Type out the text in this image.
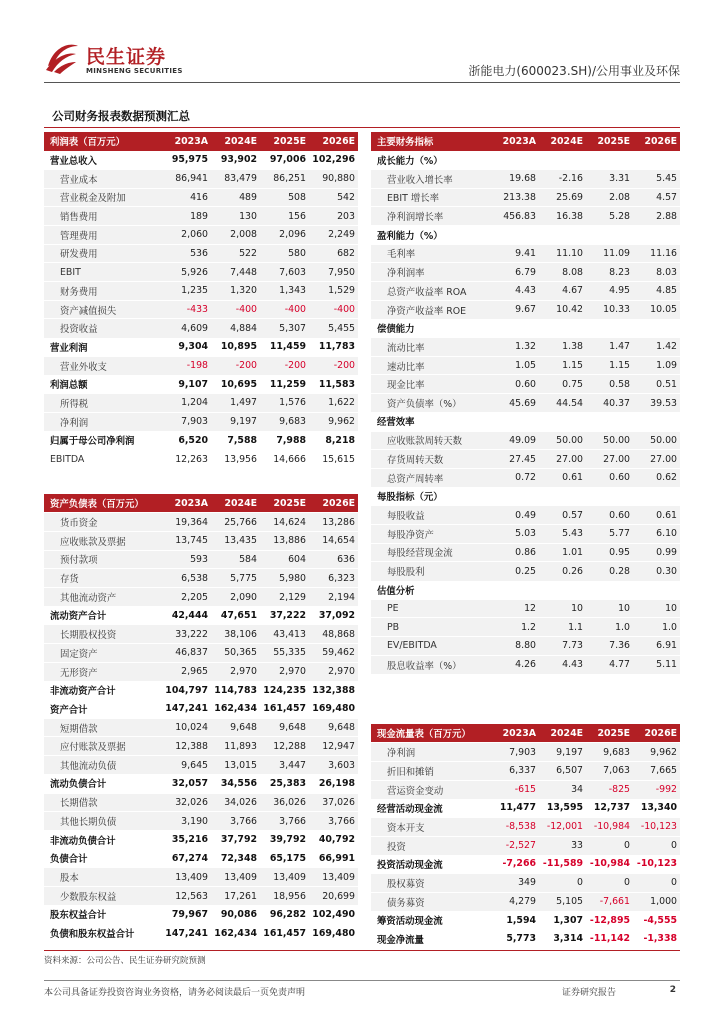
民生证券
MINSHENG SECURITIES	浙能电力(600023.SH)/公用事业及环保
公司财务报表数据预测汇总
利润表（百万元）	2023A	2024E	2025E	2026E
营业总收入	95,975	93,902	97,006	102,296
营业成本	86,941	83,479	86,251	90,880
营业税金及附加	416	489	508	542
销售费用	189	130	156	203
管理费用	2,060	2,008	2,096	2,249
研发费用	536	522	580	682
EBIT	5,926	7,448	7,603	7,950
财务费用	1,235	1,320	1,343	1,529
资产减值损失	-433	-400	-400	-400
投资收益	4,609	4,884	5,307	5,455
营业利润	9,304	10,895	11,459	11,783
营业外收支	-198	-200	-200	-200
利润总额	9,107	10,695	11,259	11,583
所得税	1,204	1,497	1,576	1,622
净利润	7,903	9,197	9,683	9,962
归属于母公司净利润	6,520	7,588	7,988	8,218
EBITDA	12,263	13,956	14,666	15,615
资产负债表（百万元）	2023A	2024E	2025E	2026E
货币资金	19,364	25,766	14,624	13,286
应收账款及票据	13,745	13,435	13,886	14,654
预付款项	593	584	604	636
存货	6,538	5,775	5,980	6,323
其他流动资产	2,205	2,090	2,129	2,194
流动资产合计	42,444	47,651	37,222	37,092
长期股权投资	33,222	38,106	43,413	48,868
固定资产	46,837	50,365	55,335	59,462
无形资产	2,965	2,970	2,970	2,970
非流动资产合计	104,797	114,783	124,235	132,388
资产合计	147,241	162,434	161,457	169,480
短期借款	10,024	9,648	9,648	9,648
应付账款及票据	12,388	11,893	12,288	12,947
其他流动负债	9,645	13,015	3,447	3,603
流动负债合计	32,057	34,556	25,383	26,198
长期借款	32,026	34,026	36,026	37,026
其他长期负债	3,190	3,766	3,766	3,766
非流动负债合计	35,216	37,792	39,792	40,792
负债合计	67,274	72,348	65,175	66,991
股本	13,409	13,409	13,409	13,409
少数股东权益	12,563	17,261	18,956	20,699
股东权益合计	79,967	90,086	96,282	102,490
负债和股东权益合计	147,241	162,434	161,457	169,480
主要财务指标	2023A	2024E	2025E	2026E
成长能力（%）				
营业收入增长率	19.68	-2.16	3.31	5.45
EBIT 增长率	213.38	25.69	2.08	4.57
净利润增长率	456.83	16.38	5.28	2.88
盈利能力（%）				
毛利率	9.41	11.10	11.09	11.16
净利润率	6.79	8.08	8.23	8.03
总资产收益率 ROA	4.43	4.67	4.95	4.85
净资产收益率 ROE	9.67	10.42	10.33	10.05
偿债能力				
流动比率	1.32	1.38	1.47	1.42
速动比率	1.05	1.15	1.15	1.09
现金比率	0.60	0.75	0.58	0.51
资产负债率（%）	45.69	44.54	40.37	39.53
经营效率				
应收账款周转天数	49.09	50.00	50.00	50.00
存货周转天数	27.45	27.00	27.00	27.00
总资产周转率	0.72	0.61	0.60	0.62
每股指标（元）				
每股收益	0.49	0.57	0.60	0.61
每股净资产	5.03	5.43	5.77	6.10
每股经营现金流	0.86	1.01	0.95	0.99
每股股利	0.25	0.26	0.28	0.30
估值分析				
PE	12	10	10	10
PB	1.2	1.1	1.0	1.0
EV/EBITDA	8.80	7.73	7.36	6.91
股息收益率（%）	4.26	4.43	4.77	5.11
现金流量表（百万元）	2023A	2024E	2025E	2026E
净利润	7,903	9,197	9,683	9,962
折旧和摊销	6,337	6,507	7,063	7,665
营运资金变动	-615	34	-825	-992
经营活动现金流	11,477	13,595	12,737	13,340
资本开支	-8,538	-12,001	-10,984	-10,123
投资	-2,527	33	0	0
投资活动现金流	-7,266	-11,589	-10,984	-10,123
股权募资	349	0	0	0
债务募资	4,279	5,105	-7,661	1,000
筹资活动现金流	1,594	1,307	-12,895	-4,555
现金净流量	5,773	3,314	-11,142	-1,338
资料来源：公司公告、民生证券研究院预测
本公司具备证券投资咨询业务资格，请务必阅读最后一页免责声明	证券研究报告	2
